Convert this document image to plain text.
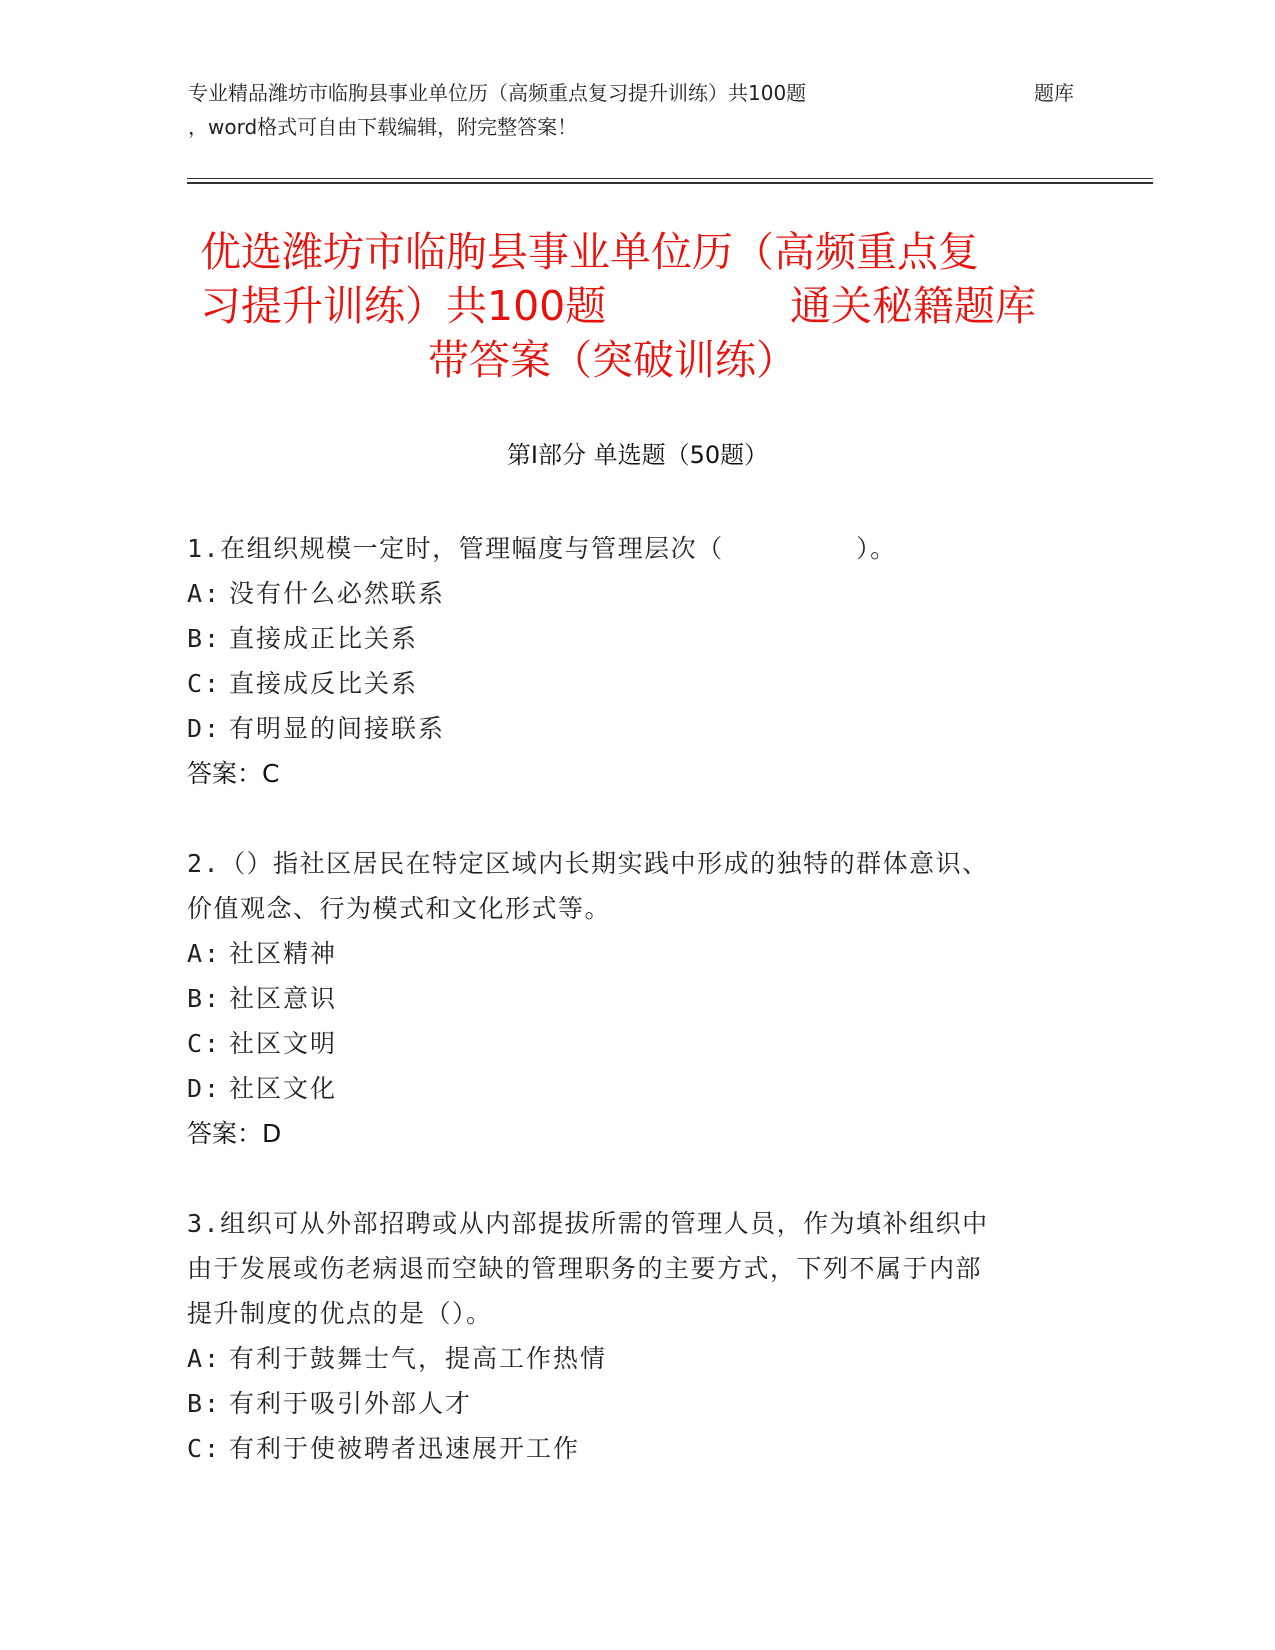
专业精品潍坊市临朐县事业单位历（高频重点复习提升训练）共100题	题库
，word格式可自由下载编辑，附完整答案！
优选潍坊市临朐县事业单位历（高频重点复
习提升训练）共100题	通关秘籍题库
带答案（突破训练）
第Ⅰ部分 单选题（50题）
1.在组织规模一定时，管理幅度与管理层次（　　　　　）。
A: 没有什么必然联系
B: 直接成正比关系
C: 直接成反比关系
D: 有明显的间接联系
答案：C
2.（）指社区居民在特定区域内长期实践中形成的独特的群体意识、
价值观念、行为模式和文化形式等。
A: 社区精神
B: 社区意识
C: 社区文明
D: 社区文化
答案：D
3.组织可从外部招聘或从内部提拔所需的管理人员，作为填补组织中
由于发展或伤老病退而空缺的管理职务的主要方式，下列不属于内部
提升制度的优点的是（）。
A: 有利于鼓舞士气，提高工作热情
B: 有利于吸引外部人才
C: 有利于使被聘者迅速展开工作
